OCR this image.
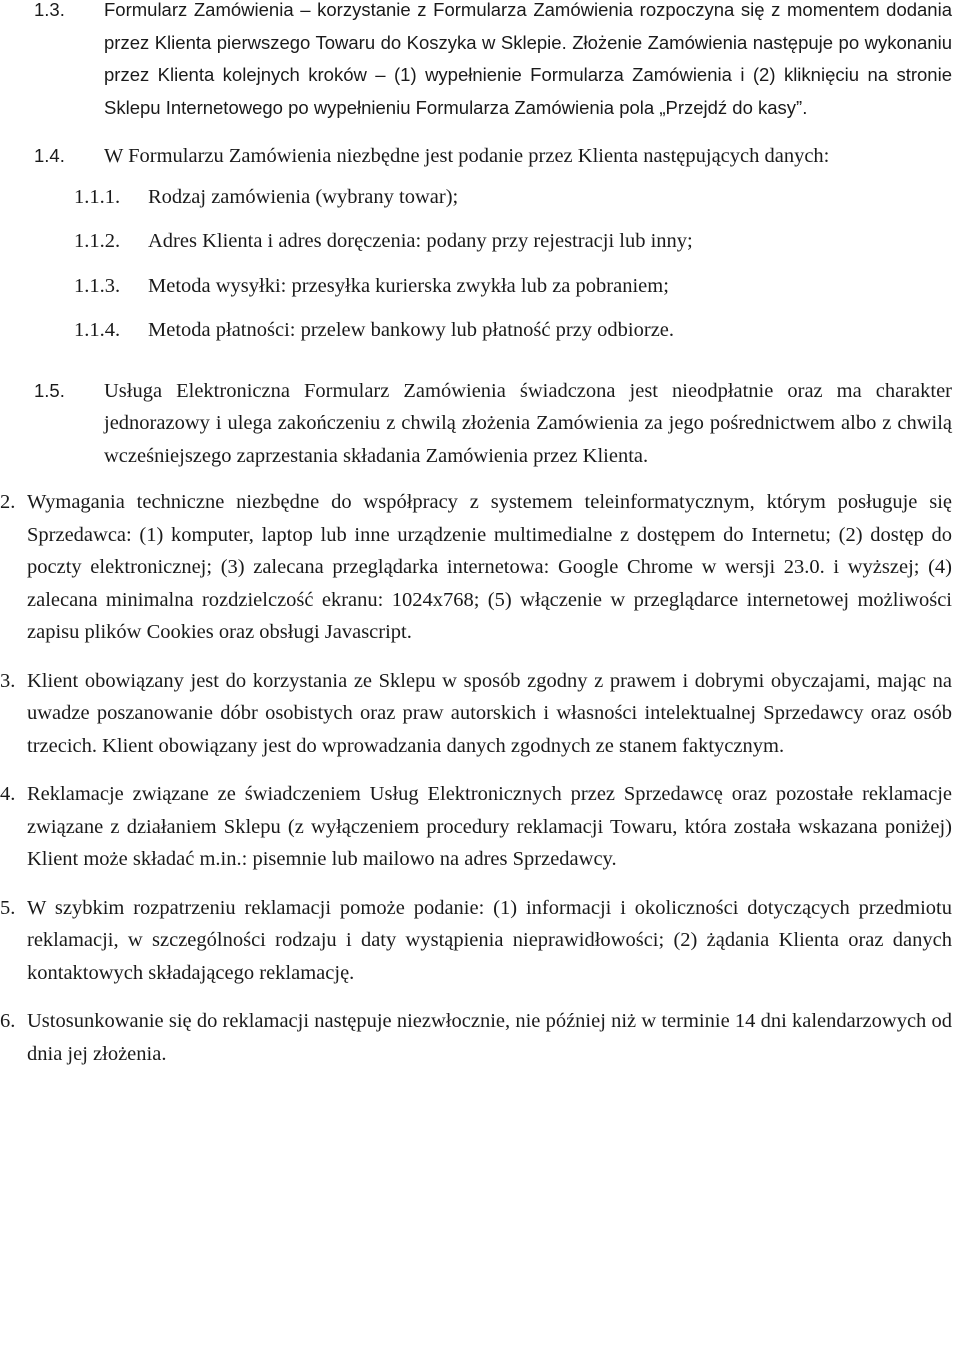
1.3.	Formularz Zamówienia – korzystanie z Formularza Zamówienia rozpoczyna się z momentem dodania przez Klienta pierwszego Towaru do Koszyka w Sklepie. Złożenie Zamówienia następuje po wykonaniu przez Klienta kolejnych kroków – (1) wypełnienie Formularza Zamówienia i (2) kliknięciu na stronie Sklepu Internetowego po wypełnieniu Formularza Zamówienia pola „Przejdź do kasy”.
1.4.	W Formularzu Zamówienia niezbędne jest podanie przez Klienta następujących danych:
1.1.1.	Rodzaj zamówienia (wybrany towar);
1.1.2.	Adres Klienta i adres doręczenia: podany przy rejestracji lub inny;
1.1.3.	Metoda wysyłki: przesyłka kurierska zwykła lub za pobraniem;
1.1.4.	Metoda płatności: przelew bankowy lub płatność przy odbiorze.
1.5.	Usługa Elektroniczna Formularz Zamówienia świadczona jest nieodpłatnie oraz ma charakter jednorazowy i ulega zakończeniu z chwilą złożenia Zamówienia za jego pośrednictwem albo z chwilą wcześniejszego zaprzestania składania Zamówienia przez Klienta.
2. Wymagania techniczne niezbędne do współpracy z systemem teleinformatycznym, którym posługuje się Sprzedawca: (1) komputer, laptop lub inne urządzenie multimedialne z dostępem do Internetu; (2) dostęp do poczty elektronicznej; (3) zalecana przeglądarka internetowa: Google Chrome w wersji 23.0. i wyższej; (4) zalecana minimalna rozdzielczość ekranu: 1024x768; (5) włączenie w przeglądarce internetowej możliwości zapisu plików Cookies oraz obsługi Javascript.
3. Klient obowiązany jest do korzystania ze Sklepu w sposób zgodny z prawem i dobrymi obyczajami, mając na uwadze poszanowanie dóbr osobistych oraz praw autorskich i własności intelektualnej Sprzedawcy oraz osób trzecich. Klient obowiązany jest do wprowadzania danych zgodnych ze stanem faktycznym.
4. Reklamacje związane ze świadczeniem Usług Elektronicznych przez Sprzedawcę oraz pozostałe reklamacje związane z działaniem Sklepu (z wyłączeniem procedury reklamacji Towaru, która została wskazana poniżej) Klient może składać m.in.: pisemnie lub mailowo na adres Sprzedawcy.
5. W szybkim rozpatrzeniu reklamacji pomoże podanie: (1) informacji i okoliczności dotyczących przedmiotu reklamacji, w szczególności rodzaju i daty wystąpienia nieprawidłowości; (2) żądania Klienta oraz danych kontaktowych składającego reklamację.
6. Ustosunkowanie się do reklamacji następuje niezwłocznie, nie później niż w terminie 14 dni kalendarzowych od dnia jej złożenia.
